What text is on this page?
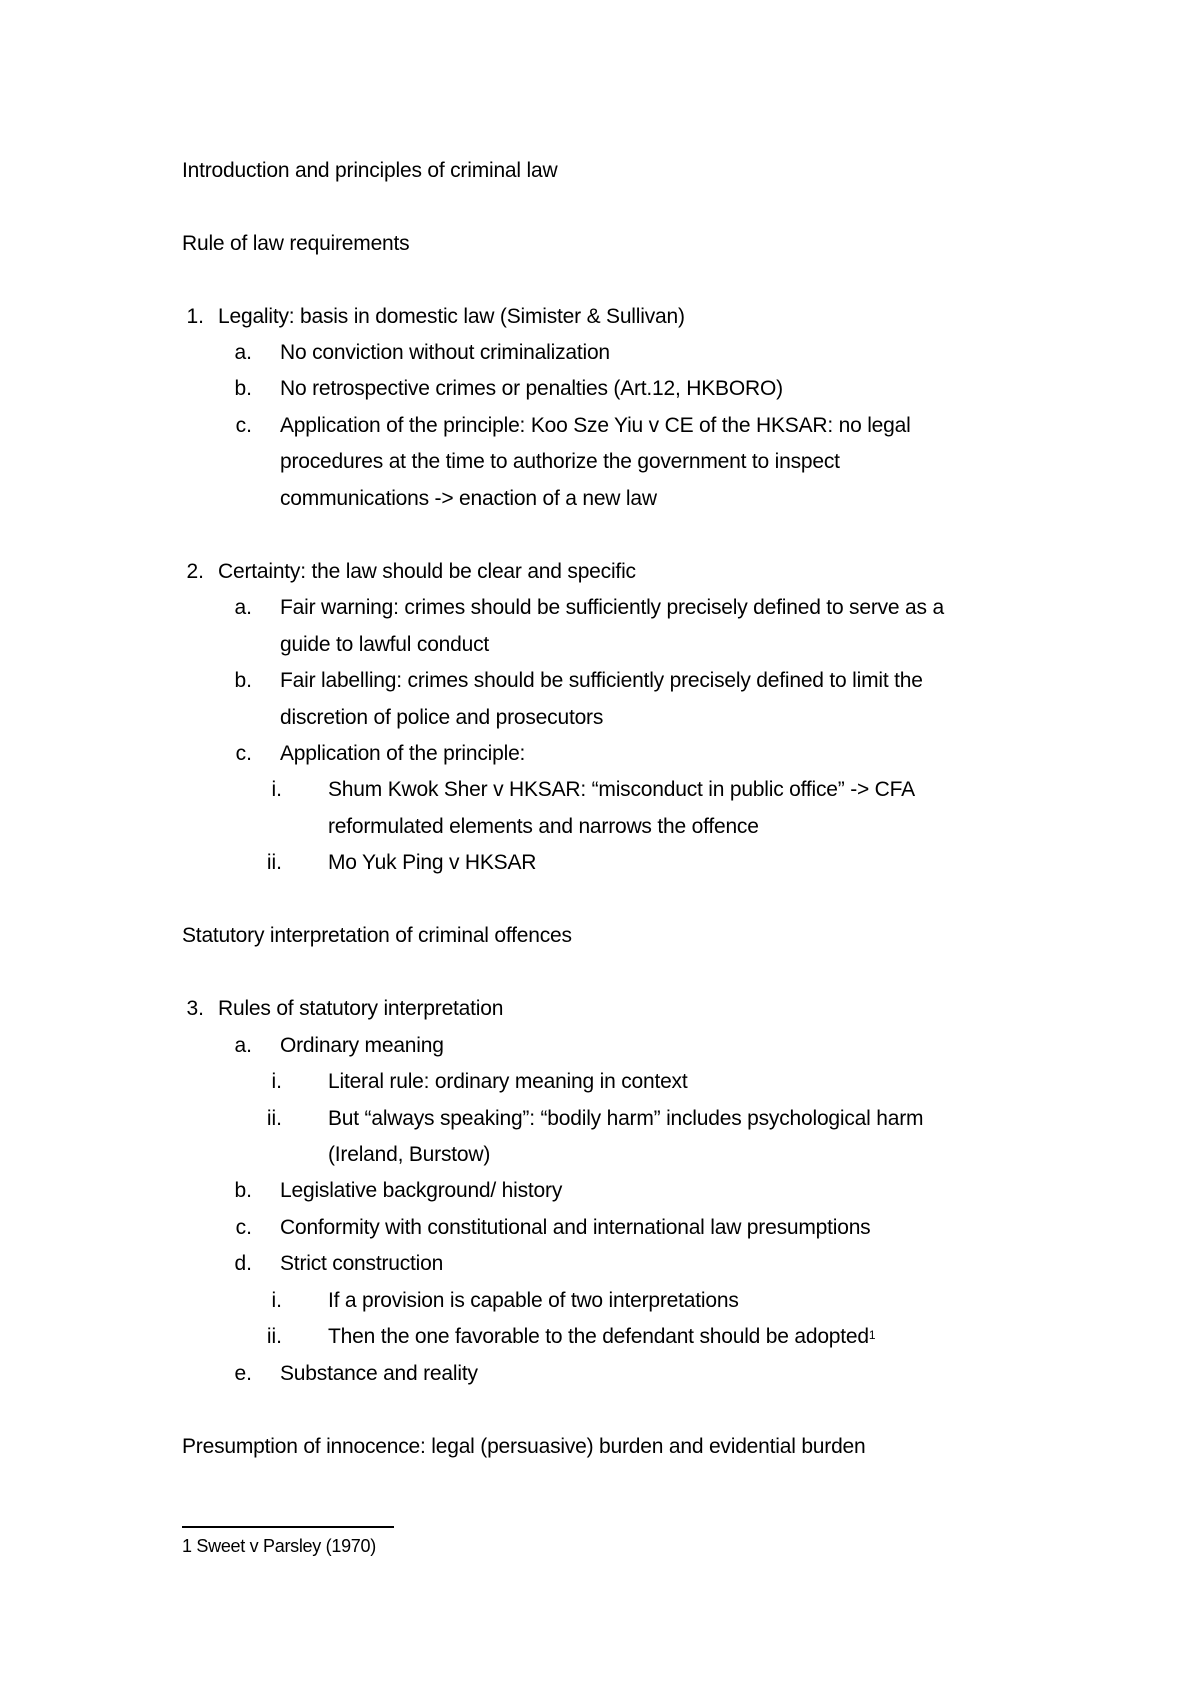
Introduction and principles of criminal law
Rule of law requirements
1. Legality: basis in domestic law (Simister & Sullivan)
a. No conviction without criminalization
b. No retrospective crimes or penalties (Art.12, HKBORO)
c. Application of the principle: Koo Sze Yiu v CE of the HKSAR: no legal
procedures at the time to authorize the government to inspect
communications -> enaction of a new law
2. Certainty: the law should be clear and specific
a. Fair warning: crimes should be sufficiently precisely defined to serve as a
guide to lawful conduct
b. Fair labelling: crimes should be sufficiently precisely defined to limit the
discretion of police and prosecutors
c. Application of the principle:
i. Shum Kwok Sher v HKSAR: “misconduct in public office” -> CFA
reformulated elements and narrows the offence
ii. Mo Yuk Ping v HKSAR
Statutory interpretation of criminal offences
3. Rules of statutory interpretation
a. Ordinary meaning
i. Literal rule: ordinary meaning in context
ii. But “always speaking”: “bodily harm” includes psychological harm
(Ireland, Burstow)
b. Legislative background/ history
c. Conformity with constitutional and international law presumptions
d. Strict construction
i. If a provision is capable of two interpretations
ii. Then the one favorable to the defendant should be adopted$^1$
e. Substance and reality
Presumption of innocence: legal (persuasive) burden and evidential burden
1 Sweet v Parsley (1970)
